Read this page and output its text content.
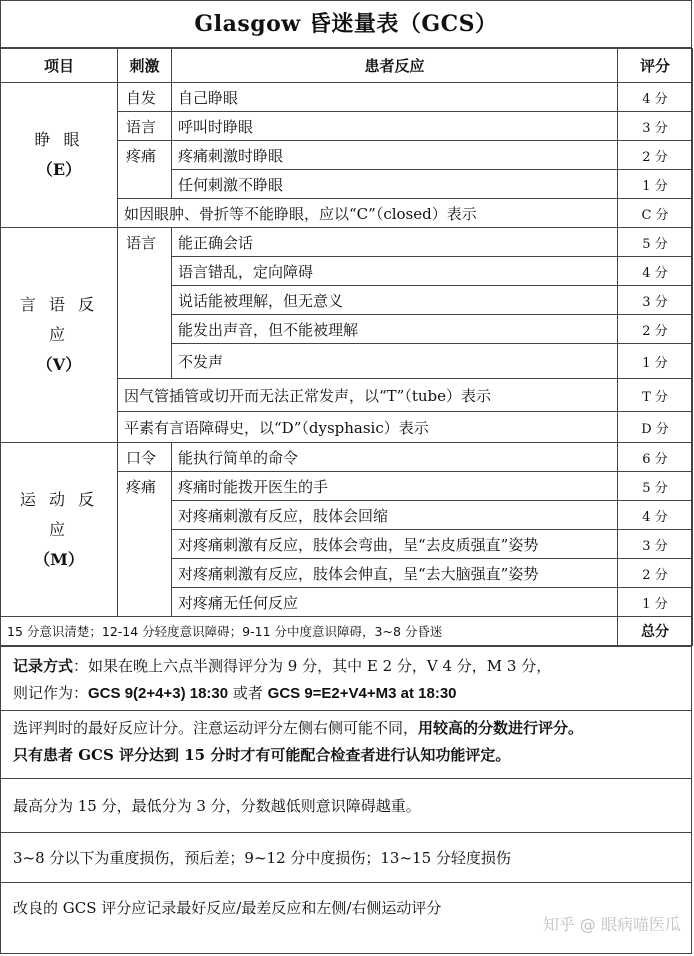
Glasgow 昏迷量表（GCS）
项目	刺激	患者反应	评分

睁 眼
（E）	自发	自己睁眼	4 分
	语言	呼叫时睁眼	3 分
	疼痛	疼痛刺激时睁眼	2 分
		任何刺激不睁眼	1 分
	如因眼肿、骨折等不能睁眼，应以“C”（closed）表示		C 分

言 语 反 应
（V）	语言	能正确会话	5 分
		语言错乱，定向障碍	4 分
		说话能被理解，但无意义	3 分
		能发出声音，但不能被理解	2 分
		不发声	1 分
	因气管插管或切开而无法正常发声，以“T”（tube）表示		T 分
	平素有言语障碍史，以“D”（dysphasic）表示		D 分

运 动 反 应
（M）	口令	能执行简单的命令	6 分
	疼痛	疼痛时能拨开医生的手	5 分
		对疼痛刺激有反应，肢体会回缩	4 分
		对疼痛刺激有反应，肢体会弯曲，呈“去皮质强直”姿势	3 分
		对疼痛刺激有反应，肢体会伸直，呈“去大脑强直”姿势	2 分
		对疼痛无任何反应	1 分
15 分意识清楚；12-14 分轻度意识障碍；9-11 分中度意识障碍，3~8 分昏迷			总分
记录方式：如果在晚上六点半测得评分为 9 分，其中 E 2 分，V 4 分，M 3 分，
则记作为：GCS 9(2+4+3) 18:30 或者 GCS 9=E2+V4+M3 at 18:30
选评判时的最好反应计分。注意运动评分左侧右侧可能不同，用较高的分数进行评分。
只有患者 GCS 评分达到 15 分时才有可能配合检查者进行认知功能评定。
最高分为 15 分，最低分为 3 分，分数越低则意识障碍越重。
3~8 分以下为重度损伤，预后差；9~12 分中度损伤；13~15 分轻度损伤
改良的 GCS 评分应记录最好反应/最差反应和左侧/右侧运动评分
知乎 @ 眼病喵医瓜
